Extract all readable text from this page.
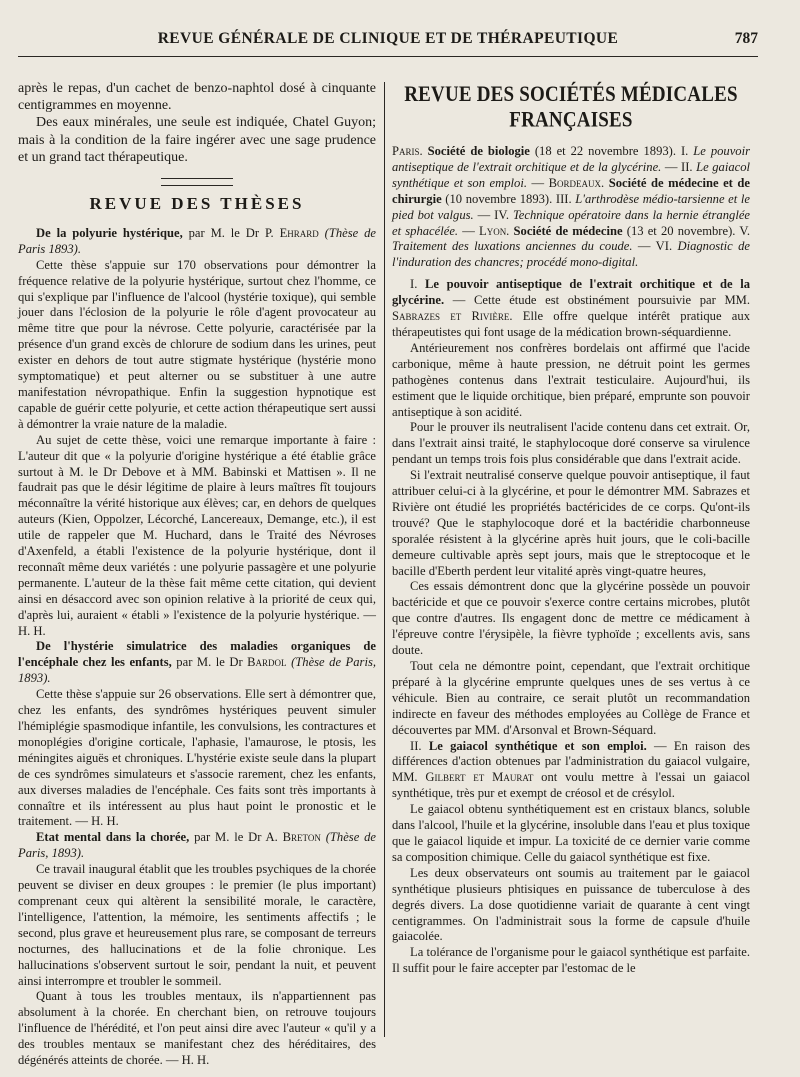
REVUE GÉNÉRALE DE CLINIQUE ET DE THÉRAPEUTIQUE	787

après le repas, d'un cachet de benzo-naphtol dosé à cinquante centigrammes en moyenne.

Des eaux minérales, une seule est indiquée, Chatel Guyon; mais à la condition de la faire ingérer avec une sage prudence et un grand tact thérapeutique.

REVUE DES THÈSES

De la polyurie hystérique, par M. le Dr P. Ehrard (Thèse de Paris 1893).

Cette thèse s'appuie sur 170 observations pour démontrer la fréquence relative de la polyurie hystérique, surtout chez l'homme, ce qui s'explique par l'influence de l'alcool (hystérie toxique), qui semble jouer dans l'éclosion de la polyurie le rôle d'agent provocateur au même titre que pour la névrose. Cette polyurie, caractérisée par la présence d'un grand excès de chlorure de sodium dans les urines, peut exister en dehors de tout autre stigmate hystérique (hystérie mono symptomatique) et peut alterner ou se substituer à une autre manifestation névropathique. Enfin la suggestion hypnotique est capable de guérir cette polyurie, et cette action thérapeutique sert aussi à démontrer la vraie nature de la maladie.

Au sujet de cette thèse, voici une remarque importante à faire : L'auteur dit que « la polyurie d'origine hystérique a été établie grâce surtout à M. le Dr Debove et à MM. Babinski et Mattisen ». Il ne faudrait pas que le désir légitime de plaire à leurs maîtres fît toujours méconnaître la vérité historique aux élèves; car, en dehors de quelques auteurs (Kien, Oppolzer, Lécorché, Lancereaux, Demange, etc.), il est utile de rappeler que M. Huchard, dans le Traité des Névroses d'Axenfeld, a établi l'existence de la polyurie hystérique, dont il reconnaît même deux variétés : une polyurie passagère et une polyurie permanente. L'auteur de la thèse fait même cette citation, qui devient ainsi en désaccord avec son opinion relative à la priorité de ceux qui, d'après lui, auraient « établi » l'existence de la polyurie hystérique. — H. H.

De l'hystérie simulatrice des maladies organiques de l'encéphale chez les enfants, par M. le Dr Bardol (Thèse de Paris, 1893).

Cette thèse s'appuie sur 26 observations. Elle sert à démontrer que, chez les enfants, des syndrômes hystériques peuvent simuler l'hémiplégie spasmodique infantile, les convulsions, les contractures et monoplégies d'origine corticale, l'aphasie, l'amaurose, le ptosis, les méningites aiguës et chroniques. L'hystérie existe seule dans la plupart de ces syndrômes simulateurs et s'associe rarement, chez les enfants, aux diverses maladies de l'encéphale. Ces faits sont très importants à connaître et ils intéressent au plus haut point le pronostic et le traitement. — H. H.

Etat mental dans la chorée, par M. le Dr A. Breton (Thèse de Paris, 1893).

Ce travail inaugural établit que les troubles psychiques de la chorée peuvent se diviser en deux groupes : le premier (le plus important) comprenant ceux qui altèrent la sensibilité morale, le caractère, l'intelligence, l'attention, la mémoire, les sentiments affectifs ; le second, plus grave et heureusement plus rare, se composant de terreurs nocturnes, des hallucinations et de la folie chronique. Les hallucinations s'observent surtout le soir, pendant la nuit, et peuvent ainsi interrompre et troubler le sommeil.

Quant à tous les troubles mentaux, ils n'appartiennent pas absolument à la chorée. En cherchant bien, on retrouve toujours l'influence de l'hérédité, et l'on peut ainsi dire avec l'auteur « qu'il y a des troubles mentaux se manifestant chez des héréditaires, des dégénérés atteints de chorée. — H. H.

REVUE DES SOCIÉTÉS MÉDICALES FRANÇAISES

Paris. Société de biologie (18 et 22 novembre 1893). I. Le pouvoir antiseptique de l'extrait orchitique et de la glycérine. — II. Le gaiacol synthétique et son emploi. — Bordeaux. Société de médecine et de chirurgie (10 novembre 1893). III. L'arthrodèse médio-tarsienne et le pied bot valgus. — IV. Technique opératoire dans la hernie étranglée et sphacélée. — Lyon. Société de médecine (13 et 20 novembre). V. Traitement des luxations anciennes du coude. — VI. Diagnostic de l'induration des chancres; procédé mono-digital.

I. Le pouvoir antiseptique de l'extrait orchitique et de la glycérine. — Cette étude est obstinément poursuivie par MM. Sabrazes et Rivière. Elle offre quelque intérêt pratique aux thérapeutistes qui font usage de la médication brown-séquardienne.

Antérieurement nos confrères bordelais ont affirmé que l'acide carbonique, même à haute pression, ne détruit point les germes pathogènes contenus dans l'extrait testiculaire. Aujourd'hui, ils estiment que le liquide orchitique, bien préparé, emprunte son pouvoir antiseptique à son acidité.

Pour le prouver ils neutralisent l'acide contenu dans cet extrait. Or, dans l'extrait ainsi traité, le staphylocoque doré conserve sa virulence pendant un temps trois fois plus considérable que dans l'extrait acide.

Si l'extrait neutralisé conserve quelque pouvoir antiseptique, il faut attribuer celui-ci à la glycérine, et pour le démontrer MM. Sabrazes et Rivière ont étudié les propriétés bactéricides de ce corps. Qu'ont-ils trouvé? Que le staphylocoque doré et la bactéridie charbonneuse sporalée résistent à la glycérine après huit jours, que le coli-bacille demeure cultivable après sept jours, mais que le streptocoque et le bacille d'Eberth perdent leur vitalité après vingt-quatre heures,

Ces essais démontrent donc que la glycérine possède un pouvoir bactéricide et que ce pouvoir s'exerce contre certains microbes, plutôt que contre d'autres. Ils engagent donc de mettre ce médicament à l'épreuve contre l'érysipèle, la fièvre typhoïde ; excellents avis, sans doute.

Tout cela ne démontre point, cependant, que l'extrait orchitique préparé à la glycérine emprunte quelques unes de ses vertus à ce véhicule. Bien au contraire, ce serait plutôt un recommandation indirecte en faveur des méthodes employées au Collège de France et découvertes par MM. d'Arsonval et Brown-Séquard.

II. Le gaiacol synthétique et son emploi. — En raison des différences d'action obtenues par l'administration du gaiacol vulgaire, MM. Gilbert et Maurat ont voulu mettre à l'essai un gaiacol synthétique, très pur et exempt de créosol et de crésylol.

Le gaiacol obtenu synthétiquement est en cristaux blancs, soluble dans l'alcool, l'huile et la glycérine, insoluble dans l'eau et plus toxique que le gaiacol liquide et impur. La toxicité de ce dernier varie comme sa composition chimique. Celle du gaiacol synthétique est fixe.

Les deux observateurs ont soumis au traitement par le gaiacol synthétique plusieurs phtisiques en puissance de tuberculose à des degrés divers. La dose quotidienne variait de quarante à cent vingt centigrammes. On l'administrait sous la forme de capsule d'huile gaiacolée.

La tolérance de l'organisme pour le gaiacol synthétique est parfaite. Il suffit pour le faire accepter par l'estomac de le
